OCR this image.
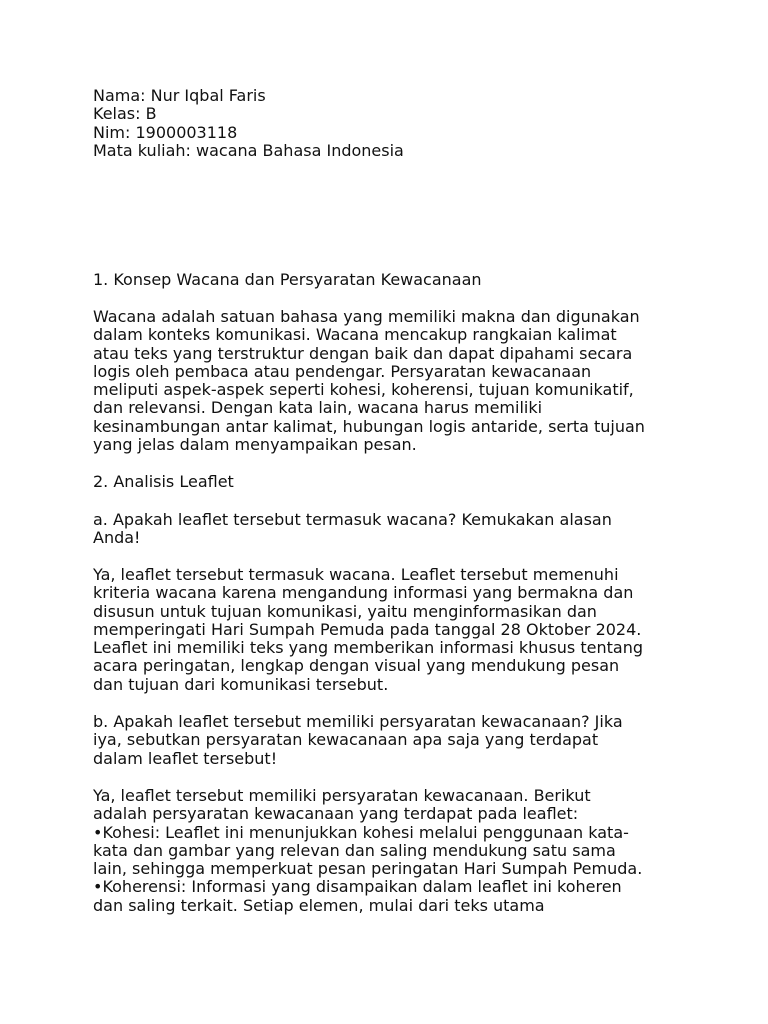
Nama: Nur Iqbal Faris
Kelas: B
Nim: 1900003118
Mata kuliah: wacana Bahasa Indonesia
1. Konsep Wacana dan Persyaratan Kewacanaan
Wacana adalah satuan bahasa yang memiliki makna dan digunakan
dalam konteks komunikasi. Wacana mencakup rangkaian kalimat
atau teks yang terstruktur dengan baik dan dapat dipahami secara
logis oleh pembaca atau pendengar. Persyaratan kewacanaan
meliputi aspek-aspek seperti kohesi, koherensi, tujuan komunikatif,
dan relevansi. Dengan kata lain, wacana harus memiliki
kesinambungan antar kalimat, hubungan logis antaride, serta tujuan
yang jelas dalam menyampaikan pesan.
2. Analisis Leaflet
a. Apakah leaflet tersebut termasuk wacana? Kemukakan alasan
Anda!
Ya, leaflet tersebut termasuk wacana. Leaflet tersebut memenuhi
kriteria wacana karena mengandung informasi yang bermakna dan
disusun untuk tujuan komunikasi, yaitu menginformasikan dan
memperingati Hari Sumpah Pemuda pada tanggal 28 Oktober 2024.
Leaflet ini memiliki teks yang memberikan informasi khusus tentang
acara peringatan, lengkap dengan visual yang mendukung pesan
dan tujuan dari komunikasi tersebut.
b. Apakah leaflet tersebut memiliki persyaratan kewacanaan? Jika
iya, sebutkan persyaratan kewacanaan apa saja yang terdapat
dalam leaflet tersebut!
Ya, leaflet tersebut memiliki persyaratan kewacanaan. Berikut
adalah persyaratan kewacanaan yang terdapat pada leaflet:
•Kohesi: Leaflet ini menunjukkan kohesi melalui penggunaan kata-
kata dan gambar yang relevan dan saling mendukung satu sama
lain, sehingga memperkuat pesan peringatan Hari Sumpah Pemuda.
•Koherensi: Informasi yang disampaikan dalam leaflet ini koheren
dan saling terkait. Setiap elemen, mulai dari teks utama
